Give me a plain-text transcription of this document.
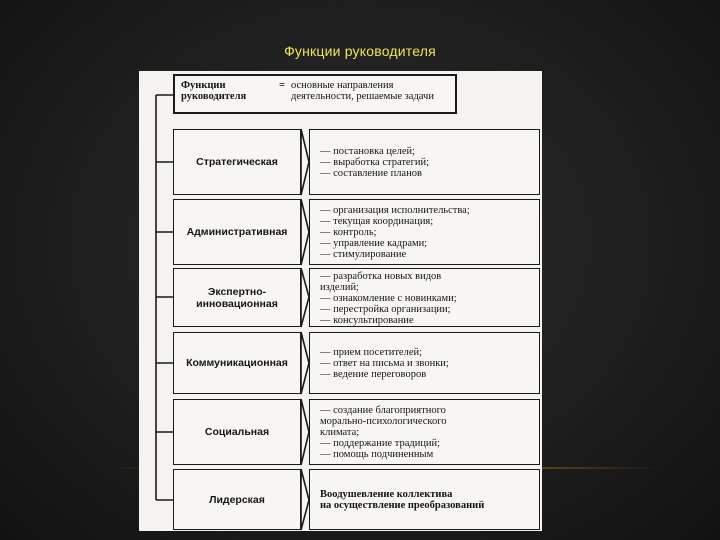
Функции руководителя
Функции руководителя
= основные направления деятельности, решаемые задачи
Стратегическая
— постановка целей;
— выработка стратегий;
— составление планов
Административная
— организация исполнительства;
— текущая координация;
— контроль;
— управление кадрами;
— стимулирование
Экспертно-инновационная
— разработка новых видов
изделий;
— ознакомление с новинками;
— перестройка организации;
— консультирование
Коммуникационная
— прием посетителей;
— ответ на письма и звонки;
— ведение переговоров
Социальная
— создание благоприятного
морально-психологического
климата;
— поддержание традиций;
— помощь подчиненным
Лидерская	Воодушевление коллектива
на осуществление преобразований
